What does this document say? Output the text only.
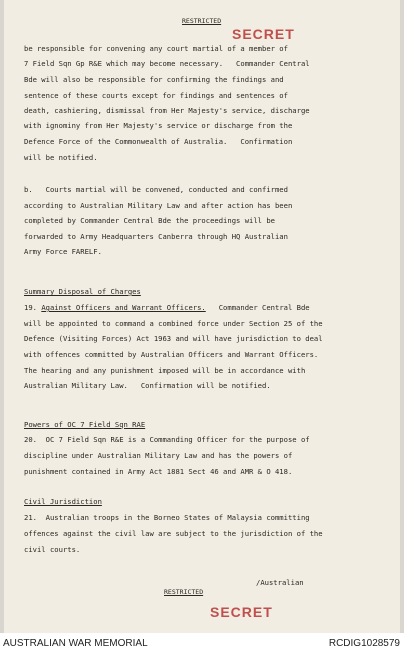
RESTRICTED
SECRET
be responsible for convening any court martial of a member of
7 Field Sqn Gp R&E which may become necessary.   Commander Central
Bde will also be responsible for confirming the findings and
sentence of these courts except for findings and sentences of
death, cashiering, dismissal from Her Majesty's service, discharge
with ignominy from Her Majesty's service or discharge from the
Defence Force of the Commonwealth of Australia.   Confirmation
will be notified.
b.   Courts martial will be convened, conducted and confirmed
according to Australian Military Law and after action has been
completed by Commander Central Bde the proceedings will be
forwarded to Army Headquarters Canberra through HQ Australian
Army Force FARELF.
Summary Disposal of Charges
19. Against Officers and Warrant Officers.   Commander Central Bde
will be appointed to command a combined force under Section 25 of the
Defence (Visiting Forces) Act 1963 and will have jurisdiction to deal
with offences committed by Australian Officers and Warrant Officers.
The hearing and any punishment imposed will be in accordance with
Australian Military Law.   Confirmation will be notified.
Powers of OC 7 Field Sqn RAE
20.  OC 7 Field Sqn R&E is a Commanding Officer for the purpose of
discipline under Australian Military Law and has the powers of
punishment contained in Army Act 1881 Sect 46 and AMR & O 418.
Civil Jurisdiction
21.  Australian troops in the Borneo States of Malaysia committing
offences against the civil law are subject to the jurisdiction of the
civil courts.
/Australian
RESTRICTED
SECRET
AUSTRALIAN WAR MEMORIAL	RCDIG1028579
